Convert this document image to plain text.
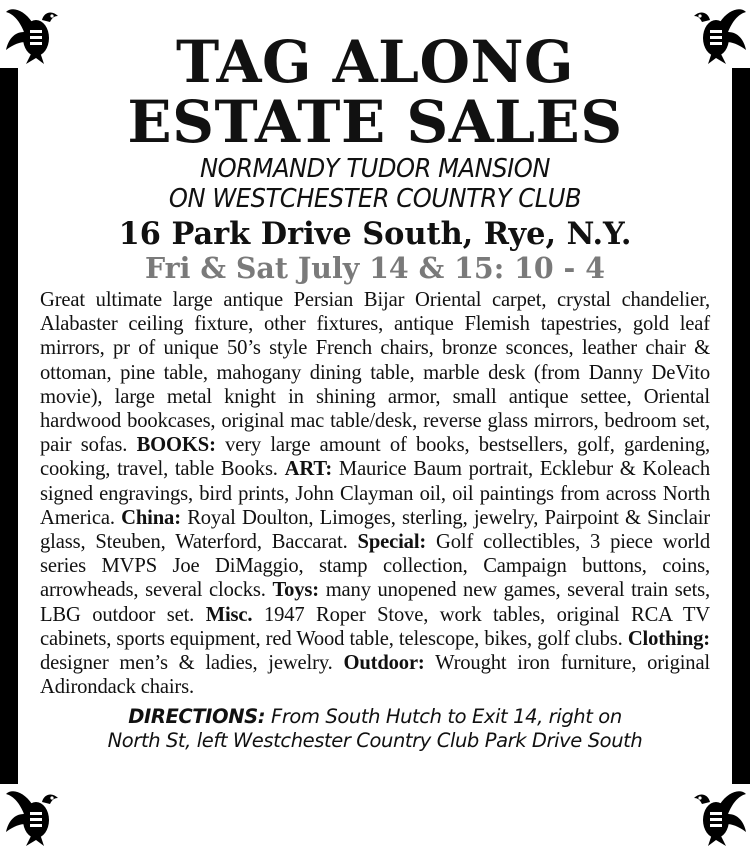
TAG ALONG
ESTATE SALES
NORMANDY TUDOR MANSION
ON WESTCHESTER COUNTRY CLUB
16 Park Drive South, Rye, N.Y.
Fri & Sat July 14 & 15: 10 - 4
Great ultimate large antique Persian Bijar Oriental carpet, crystal chandelier, Alabaster ceiling fixture, other fixtures, antique Flemish tapestries, gold leaf mirrors, pr of unique 50’s style French chairs, bronze sconces, leather chair & ottoman, pine table, mahogany dining table, marble desk (from Danny DeVito movie), large metal knight in shining armor, small antique settee, Oriental hardwood bookcases, original mac table/desk, reverse glass mirrors, bedroom set, pair sofas. BOOKS: very large amount of books, bestsellers, golf, gardening, cooking, travel, table Books. ART: Maurice Baum portrait, Ecklebur & Koleach signed engravings, bird prints, John Clayman oil, oil paintings from across North America. China: Royal Doulton, Limoges, sterling, jewelry, Pairpoint & Sinclair glass, Steuben, Waterford, Baccarat. Special: Golf collectibles, 3 piece world series MVPS Joe DiMaggio, stamp collection, Campaign buttons, coins, arrowheads, several clocks. Toys: many unopened new games, several train sets, LBG outdoor set. Misc. 1947 Roper Stove, work tables, original RCA TV cabinets, sports equipment, red Wood table, telescope, bikes, golf clubs. Clothing: designer men’s & ladies, jewelry. Outdoor: Wrought iron furniture, original Adirondack chairs.
DIRECTIONS: From South Hutch to Exit 14, right on
North St, left Westchester Country Club Park Drive South
